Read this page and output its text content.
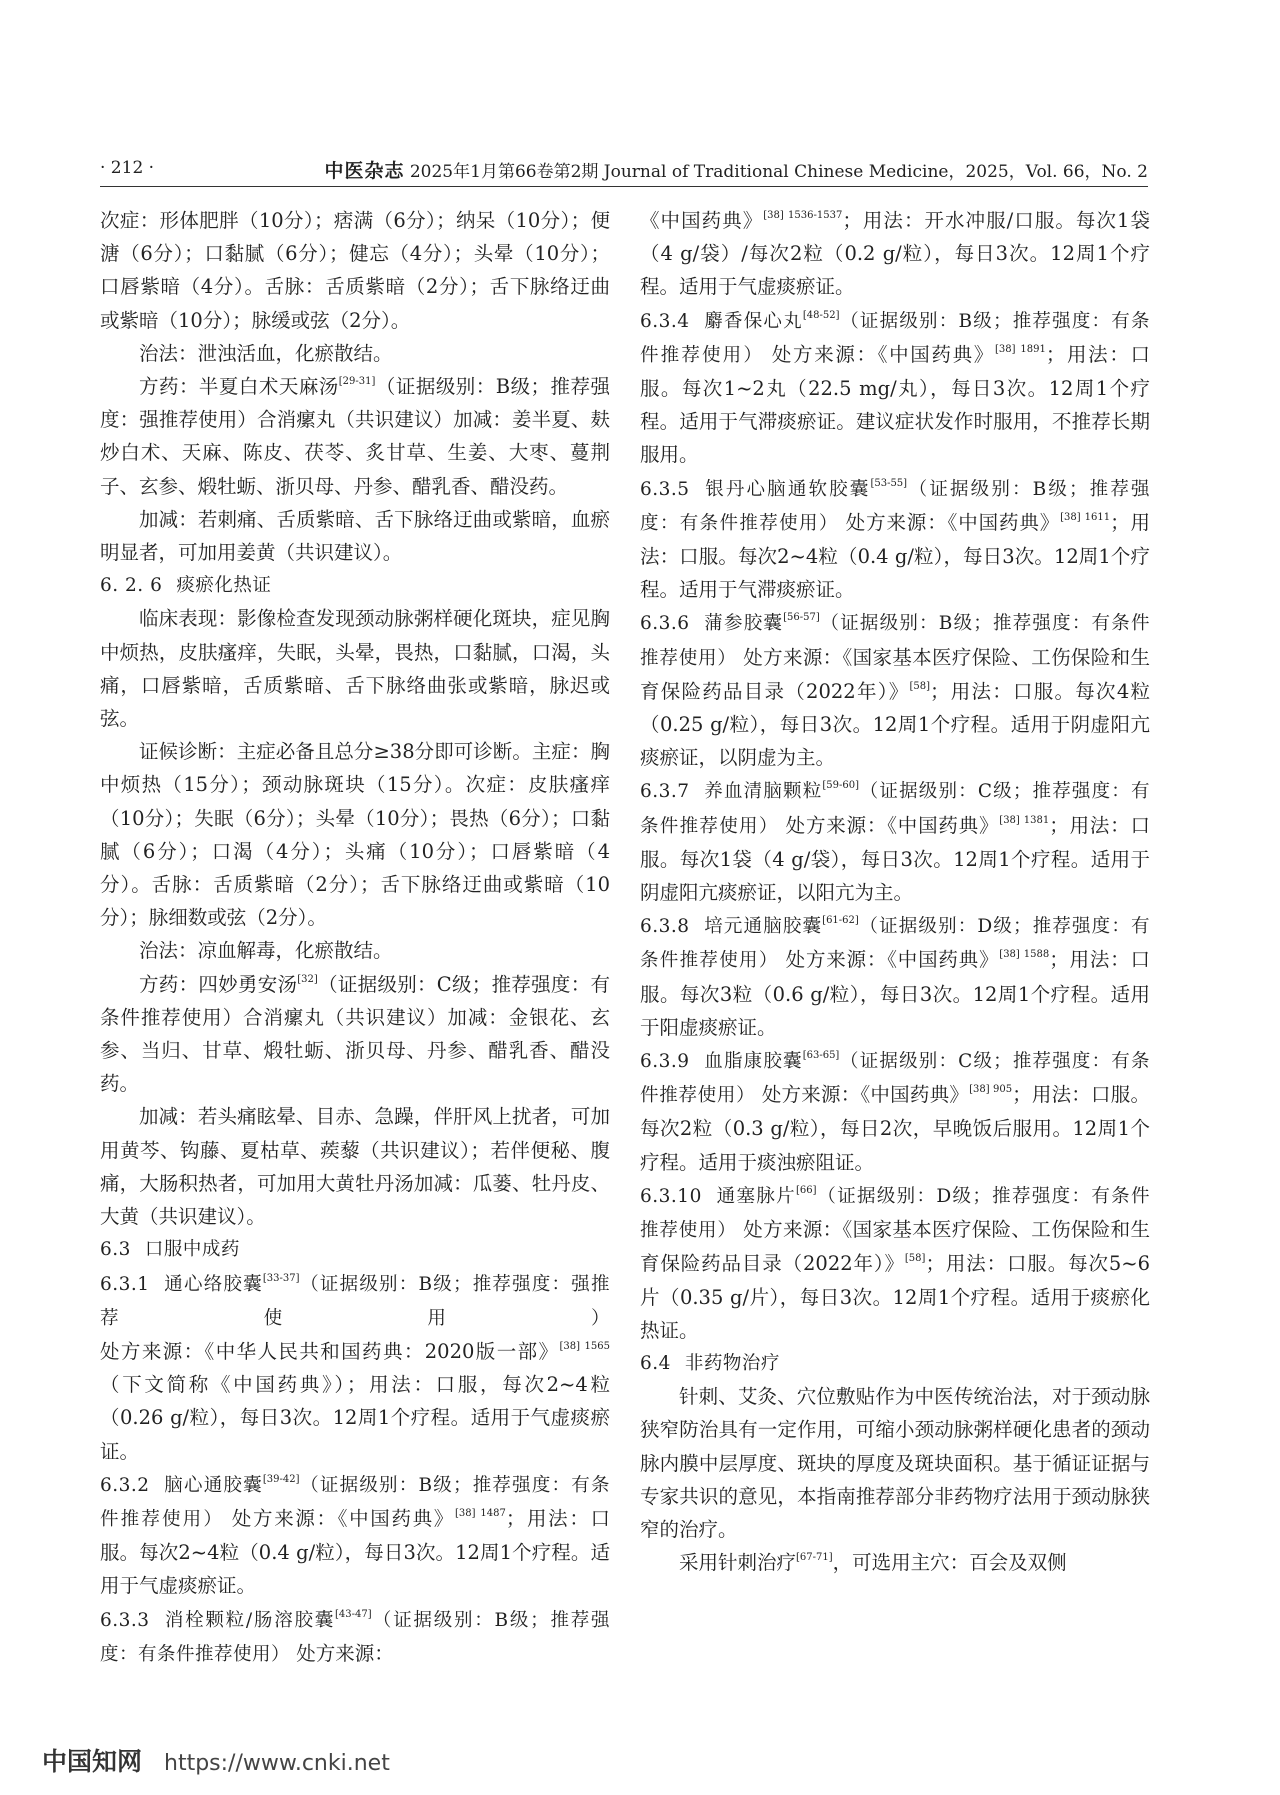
· 212 ·	中医杂志 2025年1月第66卷第2期 Journal of Traditional Chinese Medicine，2025，Vol. 66，No. 2

次症：形体肥胖（10分）；痞满（6分）；纳呆（10分）；便溏（6分）；口黏腻（6分）；健忘（4分）；头晕（10分）；口唇紫暗（4分）。舌脉：舌质紫暗（2分）；舌下脉络迂曲或紫暗（10分）；脉缓或弦（2分）。

治法：泄浊活血，化瘀散结。

方药：半夏白术天麻汤[29-31]（证据级别：B级；推荐强度：强推荐使用）合消瘰丸（共识建议）加减：姜半夏、麸炒白术、天麻、陈皮、茯苓、炙甘草、生姜、大枣、蔓荆子、玄参、煅牡蛎、浙贝母、丹参、醋乳香、醋没药。

加减：若刺痛、舌质紫暗、舌下脉络迂曲或紫暗，血瘀明显者，可加用姜黄（共识建议）。

6. 2. 6 痰瘀化热证

临床表现：影像检查发现颈动脉粥样硬化斑块，症见胸中烦热，皮肤瘙痒，失眠，头晕，畏热，口黏腻，口渴，头痛，口唇紫暗，舌质紫暗、舌下脉络曲张或紫暗，脉迟或弦。

证候诊断：主症必备且总分≥38分即可诊断。主症：胸中烦热（15分）；颈动脉斑块（15分）。次症：皮肤瘙痒（10分）；失眠（6分）；头晕（10分）；畏热（6分）；口黏腻（6分）；口渴（4分）；头痛（10分）；口唇紫暗（4分）。舌脉：舌质紫暗（2分）；舌下脉络迂曲或紫暗（10分）；脉细数或弦（2分）。

治法：凉血解毒，化瘀散结。

方药：四妙勇安汤[32]（证据级别：C级；推荐强度：有条件推荐使用）合消瘰丸（共识建议）加减：金银花、玄参、当归、甘草、煅牡蛎、浙贝母、丹参、醋乳香、醋没药。

加减：若头痛眩晕、目赤、急躁，伴肝风上扰者，可加用黄芩、钩藤、夏枯草、蒺藜（共识建议）；若伴便秘、腹痛，大肠积热者，可加用大黄牡丹汤加减：瓜蒌、牡丹皮、大黄（共识建议）。

6.3 口服中成药

6.3.1 通心络胶囊[33-37]（证据级别：B级；推荐强度：强推荐使用） 处方来源：《中华人民共和国药典：2020版一部》$^{[38] 1565}$（下文简称《中国药典》）；用法：口服，每次2~4粒（0.26 g/粒），每日3次。12周1个疗程。适用于气虚痰瘀证。

6.3.2 脑心通胶囊[39-42]（证据级别：B级；推荐强度：有条件推荐使用） 处方来源：《中国药典》$^{[38] 1487}$；用法：口服。每次2~4粒（0.4 g/粒），每日3次。12周1个疗程。适用于气虚痰瘀证。

6.3.3 消栓颗粒/肠溶胶囊[43-47]（证据级别：B级；推荐强度：有条件推荐使用） 处方来源：

《中国药典》$^{[38] 1536-1537}$；用法：开水冲服/口服。每次1袋（4 g/袋）/每次2粒（0.2 g/粒），每日3次。12周1个疗程。适用于气虚痰瘀证。

6.3.4 麝香保心丸[48-52]（证据级别：B级；推荐强度：有条件推荐使用） 处方来源：《中国药典》$^{[38] 1891}$；用法：口服。每次1~2丸（22.5 mg/丸），每日3次。12周1个疗程。适用于气滞痰瘀证。建议症状发作时服用，不推荐长期服用。

6.3.5 银丹心脑通软胶囊[53-55]（证据级别：B级；推荐强度：有条件推荐使用） 处方来源：《中国药典》$^{[38] 1611}$；用法：口服。每次2~4粒（0.4 g/粒），每日3次。12周1个疗程。适用于气滞痰瘀证。

6.3.6 蒲参胶囊[56-57]（证据级别：B级；推荐强度：有条件推荐使用） 处方来源：《国家基本医疗保险、工伤保险和生育保险药品目录（2022年）》[58]；用法：口服。每次4粒（0.25 g/粒），每日3次。12周1个疗程。适用于阴虚阳亢痰瘀证，以阴虚为主。

6.3.7 养血清脑颗粒[59-60]（证据级别：C级；推荐强度：有条件推荐使用） 处方来源：《中国药典》$^{[38] 1381}$；用法：口服。每次1袋（4 g/袋），每日3次。12周1个疗程。适用于阴虚阳亢痰瘀证，以阳亢为主。

6.3.8 培元通脑胶囊[61-62]（证据级别：D级；推荐强度：有条件推荐使用） 处方来源：《中国药典》$^{[38] 1588}$；用法：口服。每次3粒（0.6 g/粒），每日3次。12周1个疗程。适用于阳虚痰瘀证。

6.3.9 血脂康胶囊[63-65]（证据级别：C级；推荐强度：有条件推荐使用） 处方来源：《中国药典》$^{[38] 905}$；用法：口服。每次2粒（0.3 g/粒），每日2次，早晚饭后服用。12周1个疗程。适用于痰浊瘀阻证。

6.3.10 通塞脉片[66]（证据级别：D级；推荐强度：有条件推荐使用） 处方来源：《国家基本医疗保险、工伤保险和生育保险药品目录（2022年）》[58]；用法：口服。每次5~6片（0.35 g/片），每日3次。12周1个疗程。适用于痰瘀化热证。

6.4 非药物治疗

针刺、艾灸、穴位敷贴作为中医传统治法，对于颈动脉狭窄防治具有一定作用，可缩小颈动脉粥样硬化患者的颈动脉内膜中层厚度、斑块的厚度及斑块面积。基于循证证据与专家共识的意见，本指南推荐部分非药物疗法用于颈动脉狭窄的治疗。

采用针刺治疗[67-71]，可选用主穴：百会及双侧

中国知网 https://www.cnki.net
